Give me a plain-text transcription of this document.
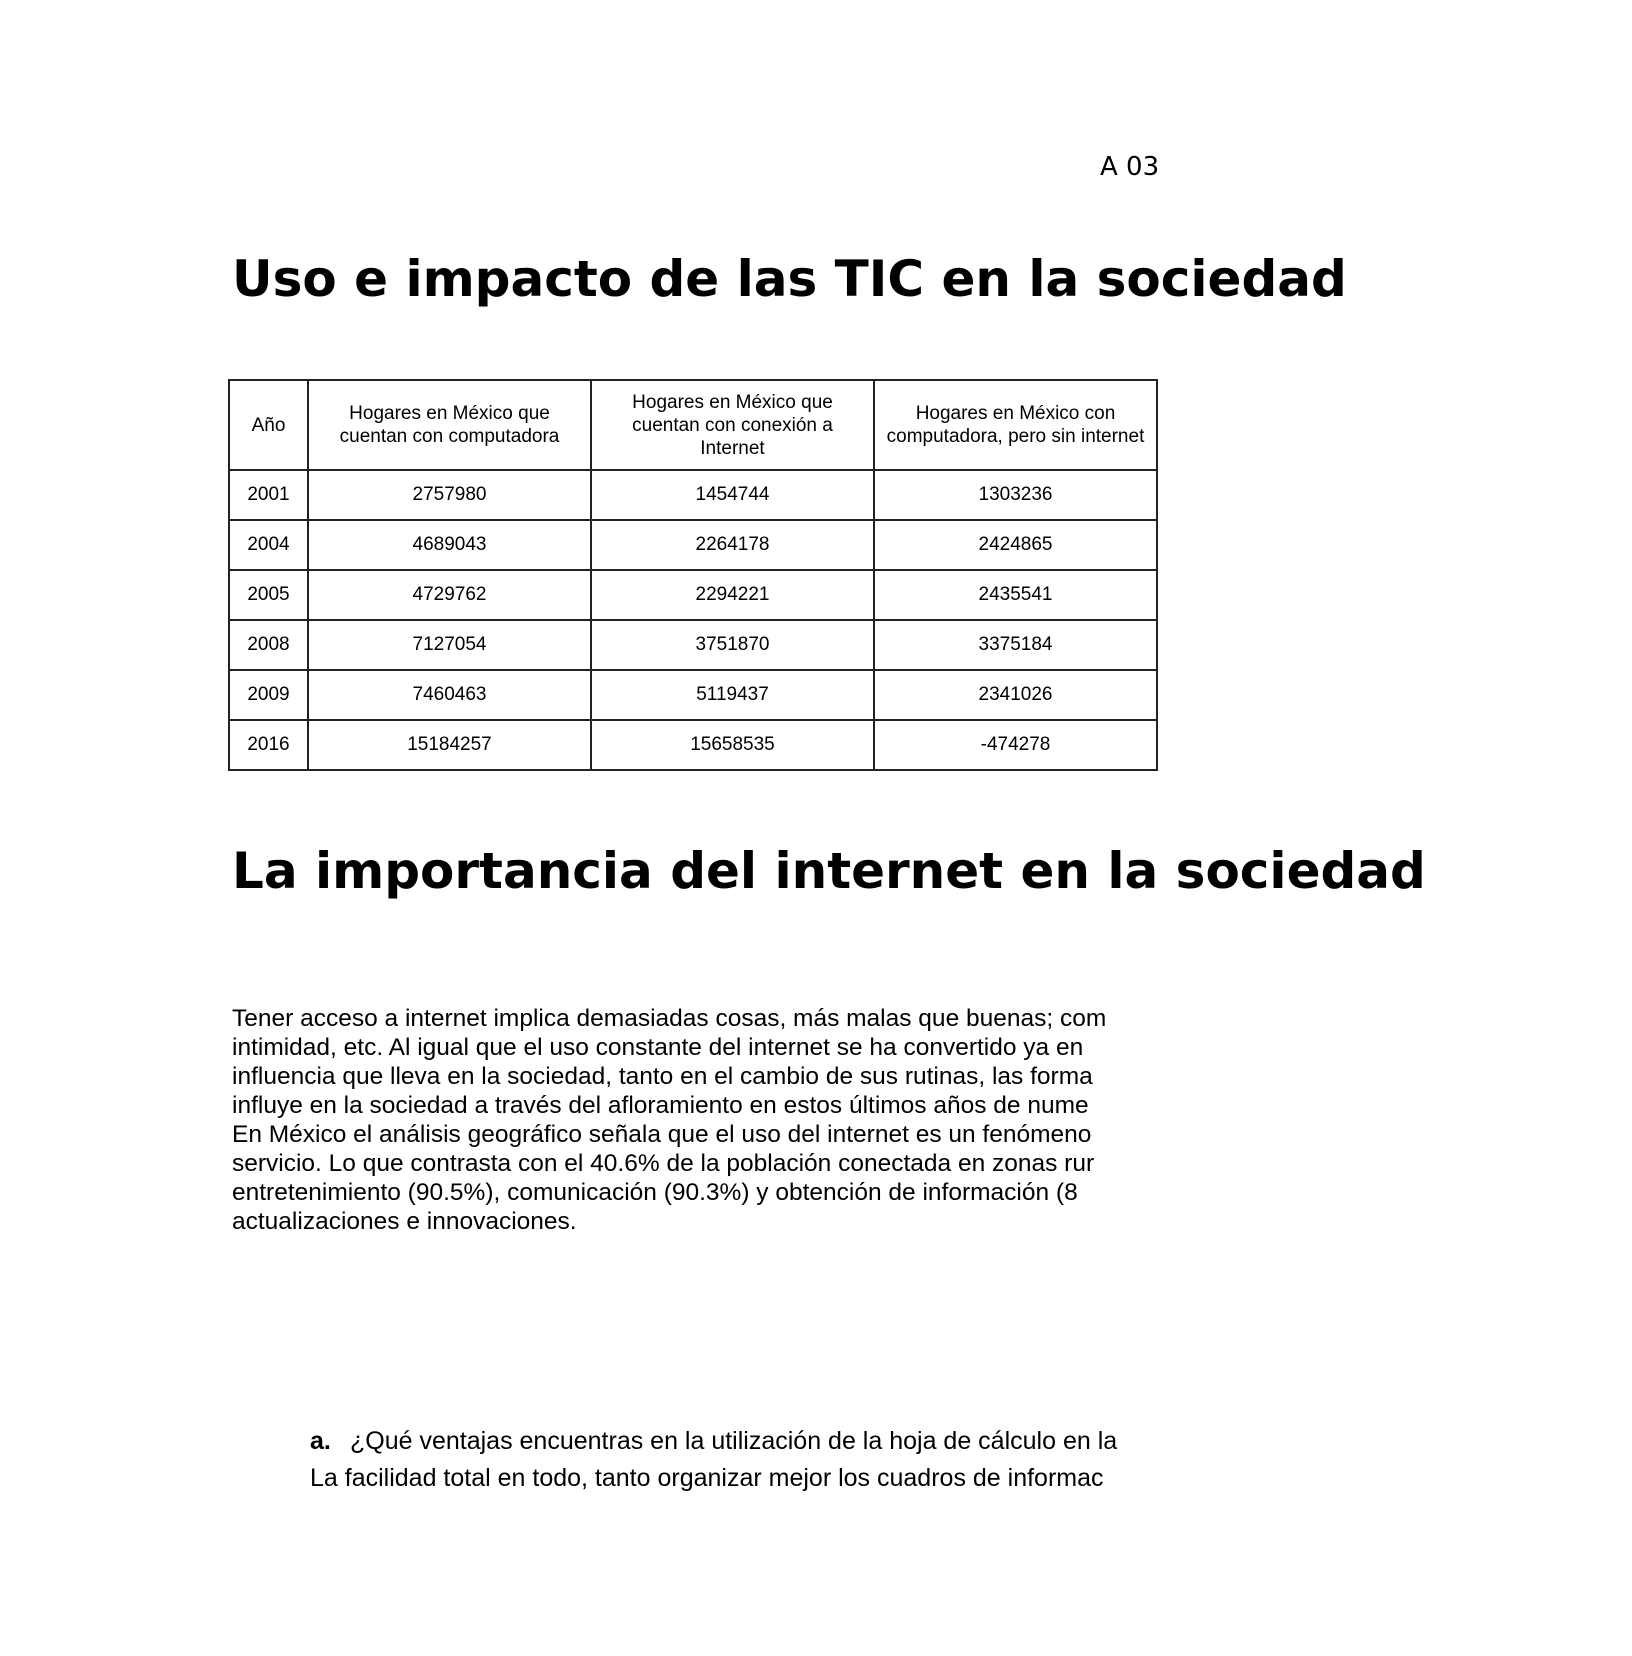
A 03
Uso e impacto de las TIC en la sociedad
Año	Hogares en México que cuentan con computadora	Hogares en México que cuentan con conexión a Internet	Hogares en México con computadora, pero sin internet
2001	2757980	1454744	1303236
2004	4689043	2264178	2424865
2005	4729762	2294221	2435541
2008	7127054	3751870	3375184
2009	7460463	5119437	2341026
2016	15184257	15658535	-474278
La importancia del internet en la sociedad
Tener acceso a internet implica demasiadas cosas, más malas que buenas; com
intimidad, etc. Al igual que el uso constante del internet se ha convertido ya en
influencia que lleva en la sociedad, tanto en el cambio de sus rutinas, las forma
influye en la sociedad a través del afloramiento en estos últimos años de nume
En México el análisis geográfico señala que el uso del internet es un fenómeno
servicio. Lo que contrasta con el 40.6% de la población conectada en zonas rur
entretenimiento (90.5%), comunicación (90.3%) y obtención de información (8
actualizaciones e innovaciones.
a. ¿Qué ventajas encuentras en la utilización de la hoja de cálculo en la
La facilidad total en todo, tanto organizar mejor los cuadros de informac
